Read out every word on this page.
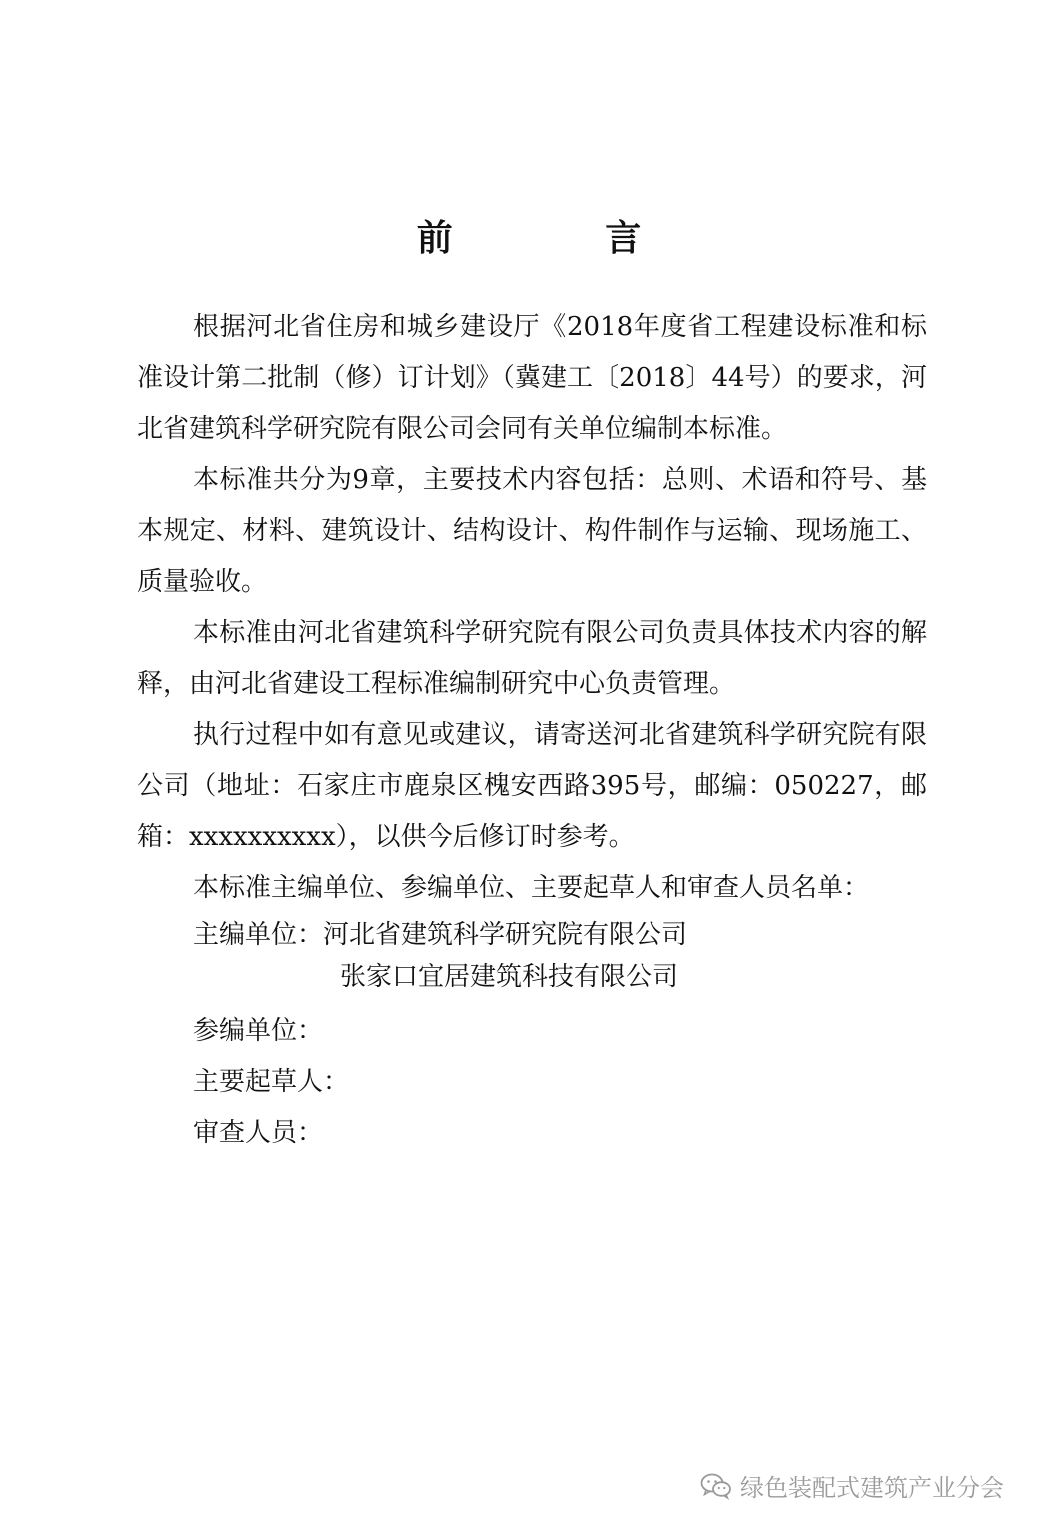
前 言

根据河北省住房和城乡建设厅《2018年度省工程建设标准和标准设计第二批制（修）订计划》（冀建工〔2018〕44号）的要求，河北省建筑科学研究院有限公司会同有关单位编制本标准。

本标准共分为9章，主要技术内容包括：总则、术语和符号、基本规定、材料、建筑设计、结构设计、构件制作与运输、现场施工、质量验收。

本标准由河北省建筑科学研究院有限公司负责具体技术内容的解释，由河北省建设工程标准编制研究中心负责管理。

执行过程中如有意见或建议，请寄送河北省建筑科学研究院有限公司（地址：石家庄市鹿泉区槐安西路395号，邮编：050227，邮箱：xxxxxxxxxx），以供今后修订时参考。

本标准主编单位、参编单位、主要起草人和审查人员名单：

主编单位：河北省建筑科学研究院有限公司

张家口宜居建筑科技有限公司

参编单位：

主要起草人：

审查人员：

绿色装配式建筑产业分会
